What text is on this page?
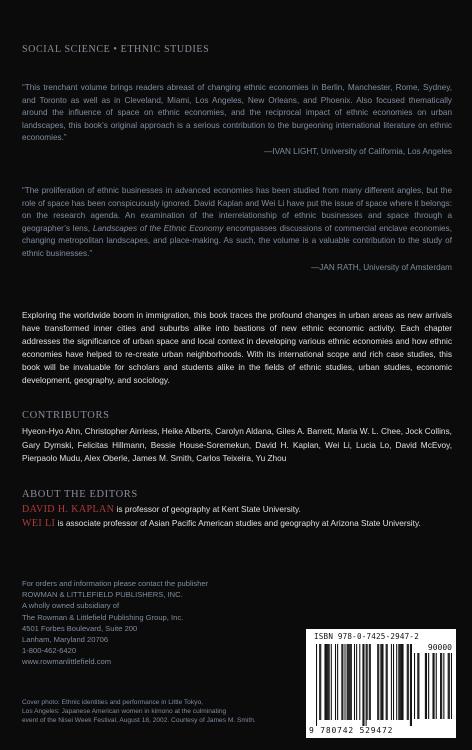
SOCIAL SCIENCE • ETHNIC STUDIES
“This trenchant volume brings readers abreast of changing ethnic economies in Berlin, Manchester, Rome, Sydney, and Toronto as well as in Cleveland, Miami, Los Angeles, New Orleans, and Phoenix. Also focused thematically around the influence of space on ethnic economies, and the reciprocal impact of ethnic economies on urban landscapes, this book’s original approach is a serious contribution to the burgeoning international literature on ethnic economies.”
—IVAN LIGHT, University of California, Los Angeles
“The proliferation of ethnic businesses in advanced economies has been studied from many different angles, but the role of space has been conspicuously ignored. David Kaplan and Wei Li have put the issue of space where it belongs: on the research agenda. An examination of the interrelationship of ethnic businesses and space through a geographer’s lens, Landscapes of the Ethnic Economy encompasses discussions of commercial enclave economies, changing metropolitan landscapes, and place-making. As such, the volume is a valuable contribution to the study of ethnic businesses.”
—JAN RATH, University of Amsterdam
Exploring the worldwide boom in immigration, this book traces the profound changes in urban areas as new arrivals have transformed inner cities and suburbs alike into bastions of new ethnic economic activity. Each chapter addresses the significance of urban space and local context in developing various ethnic economies and how ethnic economies have helped to re-create urban neighborhoods. With its international scope and rich case studies, this book will be invaluable for scholars and students alike in the fields of ethnic studies, urban studies, economic development, geography, and sociology.
CONTRIBUTORS
Hyeon-Hyo Ahn, Christopher Airriess, Heike Alberts, Carolyn Aldana, Giles A. Barrett, Maria W. L. Chee, Jock Collins, Gary Dymski, Felicitas Hillmann, Bessie House-Soremekun, David H. Kaplan, Wei Li, Lucia Lo, David McEvoy, Pierpaolo Mudu, Alex Oberle, James M. Smith, Carlos Teixeira, Yu Zhou
ABOUT THE EDITORS
DAVID H. KAPLAN is professor of geography at Kent State University.
WEI LI is associate professor of Asian Pacific American studies and geography at Arizona State University.
For orders and information please contact the publisher
ROWMAN & LITTLEFIELD PUBLISHERS, INC.
A wholly owned subsidiary of
The Rowman & Littlefield Publishing Group, Inc.
4501 Forbes Boulevard, Suite 200
Lanham, Maryland 20706
1-800-462-6420
www.rowmanlittlefield.com
Cover photo: Ethnic identities and performance in Little Tokyo,
Los Angeles: Japanese American women in kimono at the culminating
event of the Nisei Week Festival, August 18, 2002. Courtesy of James M. Smith.
ISBN 978-0-7425-2947-2
90000
9 780742 529472
